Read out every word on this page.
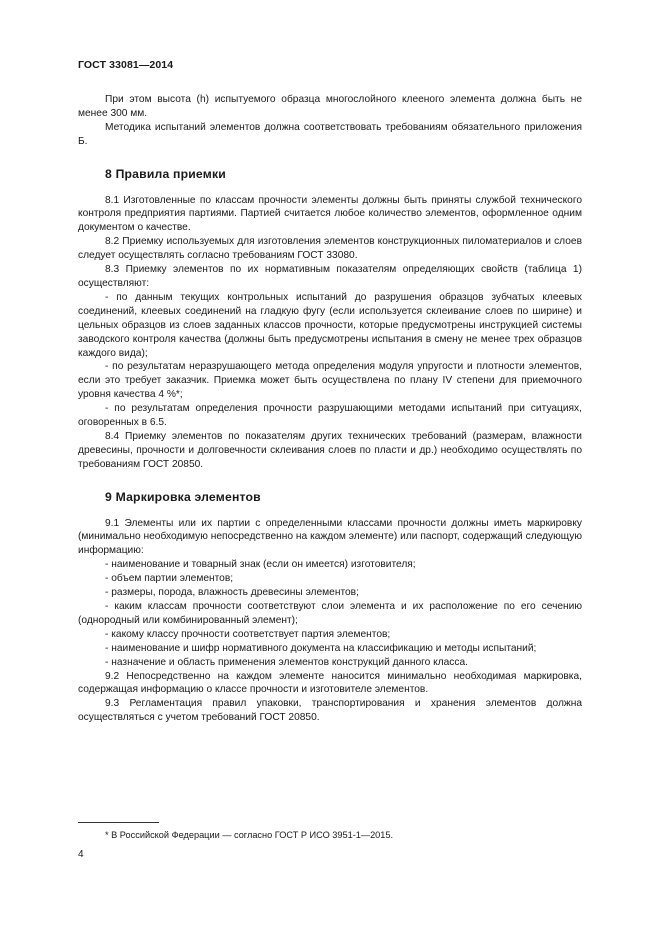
ГОСТ 33081—2014

При этом высота (h) испытуемого образца многослойного клееного элемента должна быть не менее 300 мм.

Методика испытаний элементов должна соответствовать требованиям обязательного приложения Б.

8 Правила приемки

8.1 Изготовленные по классам прочности элементы должны быть приняты службой технического контроля предприятия партиями. Партией считается любое количество элементов, оформленное одним документом о качестве.

8.2 Приемку используемых для изготовления элементов конструкционных пиломатериалов и слоев следует осуществлять согласно требованиям ГОСТ 33080.

8.3 Приемку элементов по их нормативным показателям определяющих свойств (таблица 1) осуществляют:

- по данным текущих контрольных испытаний до разрушения образцов зубчатых клеевых соединений, клеевых соединений на гладкую фугу (если используется склеивание слоев по ширине) и цельных образцов из слоев заданных классов прочности, которые предусмотрены инструкцией системы заводского контроля качества (должны быть предусмотрены испытания в смену не менее трех образцов каждого вида);

- по результатам неразрушающего метода определения модуля упругости и плотности элементов, если это требует заказчик. Приемка может быть осуществлена по плану IV степени для приемочного уровня качества 4 %*;

- по результатам определения прочности разрушающими методами испытаний при ситуациях, оговоренных в 6.5.

8.4 Приемку элементов по показателям других технических требований (размерам, влажности древесины, прочности и долговечности склеивания слоев по пласти и др.) необходимо осуществлять по требованиям ГОСТ 20850.

9 Маркировка элементов

9.1 Элементы или их партии с определенными классами прочности должны иметь маркировку (минимально необходимую непосредственно на каждом элементе) или паспорт, содержащий следующую информацию:

- наименование и товарный знак (если он имеется) изготовителя;

- объем партии элементов;

- размеры, порода, влажность древесины элементов;

- каким классам прочности соответствуют слои элемента и их расположение по его сечению (однородный или комбинированный элемент);

- какому классу прочности соответствует партия элементов;

- наименование и шифр нормативного документа на классификацию и методы испытаний;

- назначение и область применения элементов конструкций данного класса.

9.2 Непосредственно на каждом элементе наносится минимально необходимая маркировка, содержащая информацию о классе прочности и изготовителе элементов.

9.3 Регламентация правил упаковки, транспортирования и хранения элементов должна осуществляться с учетом требований ГОСТ 20850.

* В Российской Федерации — согласно ГОСТ Р ИСО 3951-1—2015.
4
